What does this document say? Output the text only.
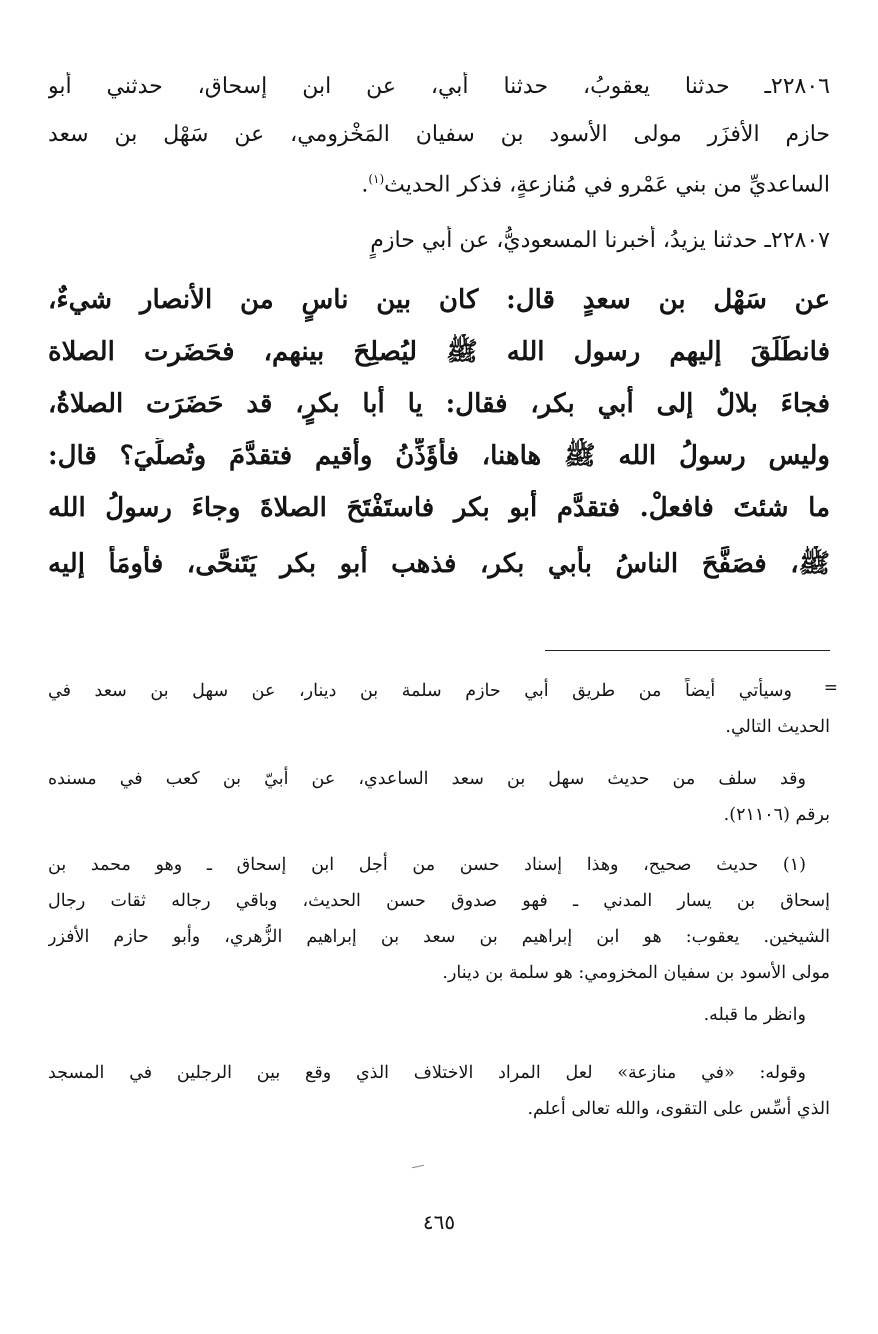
٢٢٨٠٦ـ حدثنا يعقوبُ، حدثنا أبي، عن ابن إسحاق، حدثني أبو
حازم الأفزَر مولى الأسود بن سفيان المَخْزومي، عن سَهْل بن سعد
الساعديِّ من بني عَمْرو في مُنازعةٍ، فذكر الحديث$^{(١)}$.
٢٢٨٠٧ـ حدثنا يزيدُ، أخبرنا المسعوديُّ، عن أبي حازمٍ
عن سَهْل بن سعدٍ قال: كان بين ناسٍ من الأنصار شيءٌ،
فانطَلَقَ إليهم رسول الله ﷺ ليُصلِحَ بينهم، فحَضَرت الصلاة
فجاءَ بلالٌ إلى أبي بكر، فقال: يا أبا بكرٍ، قد حَضَرَت الصلاةُ،
وليس رسولُ الله ﷺ هاهنا، فأُؤَذِّنُ وأُقيم فتقدَّمَ وتُصلِّيَ؟ قال:
ما شئتَ فافعلْ. فتقدَّم أبو بكر فاستَفْتَحَ الصلاةَ وجاءَ رسولُ الله
ﷺ، فصَفَّحَ الناسُ بأبي بكر، فذهب أبو بكر يَتَنحَّى، فأَومَأَ إليه
=
وسيأتي أيضاً من طريق أبي حازم سلمة بن دينار، عن سهل بن سعد في
الحديث التالي.
وقد سلف من حديث سهل بن سعد الساعدي، عن أُبيّ بن كعب في مسنده
برقم (٢١١٠٦).
(١) حديث صحيح، وهذا إسناد حسن من أجل ابن إسحاق ـ وهو محمد بن
إسحاق بن يسار المدني ـ فهو صدوق حسن الحديث، وباقي رجاله ثقات رجال
الشيخين. يعقوب: هو ابن إبراهيم بن سعد بن إبراهيم الزُّهري، وأبو حازم الأفزر
مولى الأسود بن سفيان المخزومي: هو سلمة بن دينار.
وانظر ما قبله.
وقوله: «في منازعة» لعل المراد الاختلاف الذي وقع بين الرجلين في المسجد
الذي أُسِّس على التقوى، والله تعالى أعلم.
٤٦٥
